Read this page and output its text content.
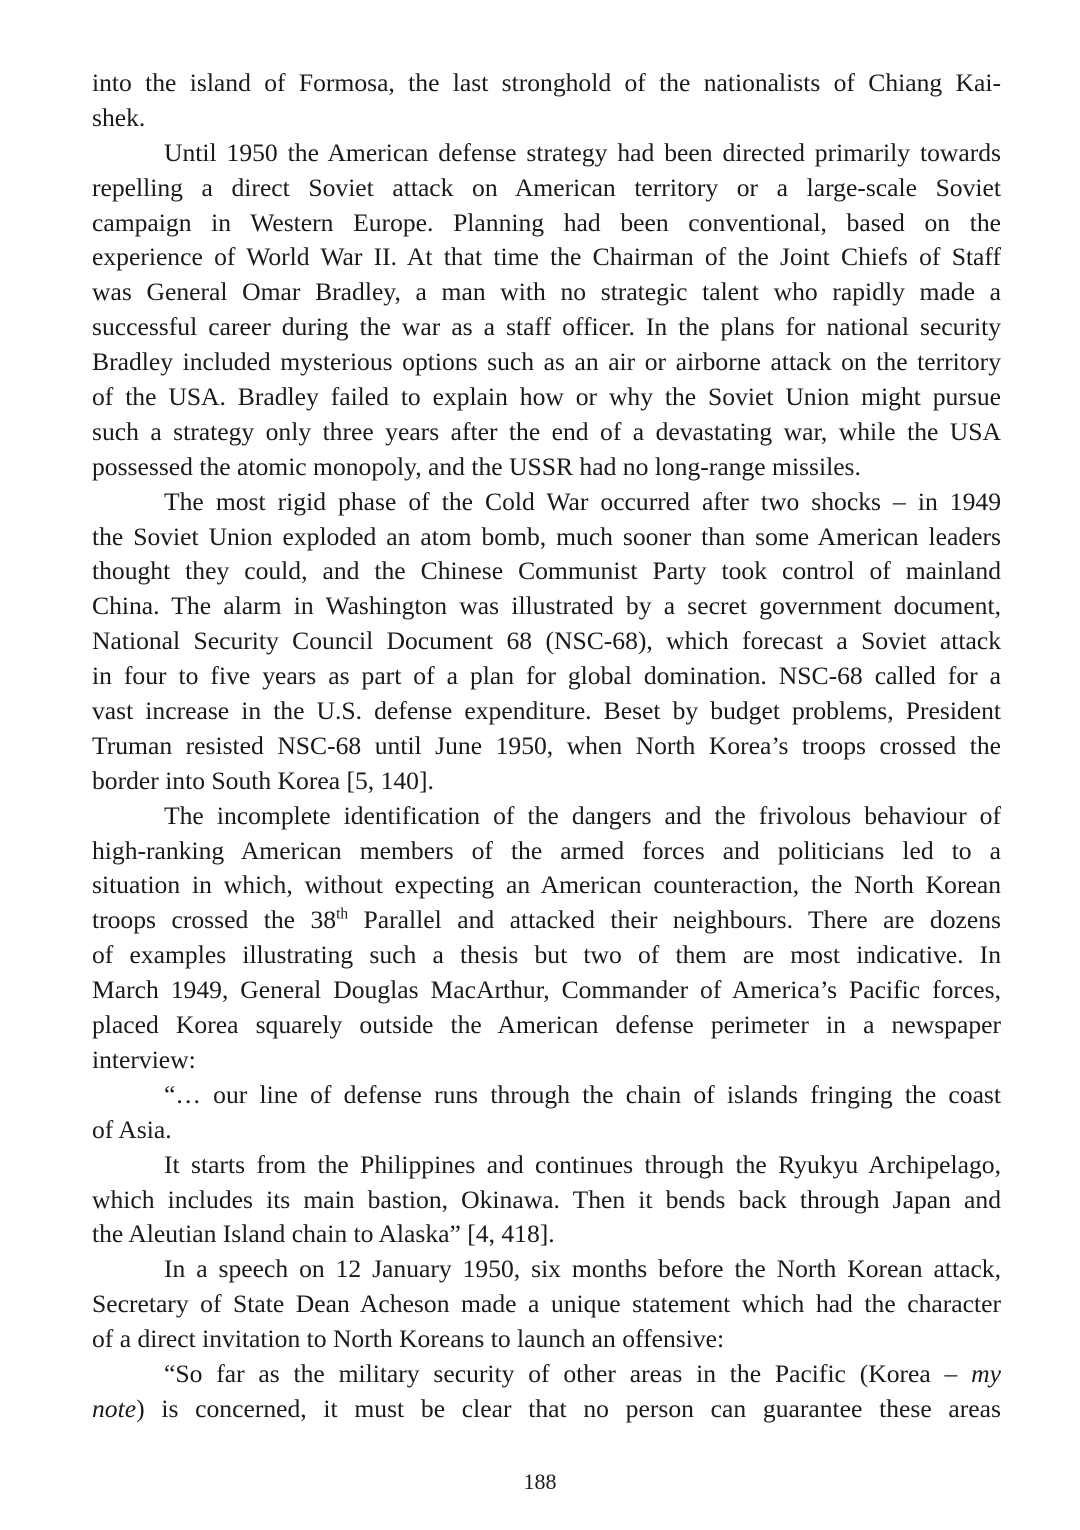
into the island of Formosa, the last stronghold of the nationalists of Chiang Kai-
shek.
Until 1950 the American defense strategy had been directed primarily towards
repelling a direct Soviet attack on American territory or a large-scale Soviet
campaign in Western Europe. Planning had been conventional, based on the
experience of World War II. At that time the Chairman of the Joint Chiefs of Staff
was General Omar Bradley, a man with no strategic talent who rapidly made a
successful career during the war as a staff officer. In the plans for national security
Bradley included mysterious options such as an air or airborne attack on the territory
of the USA. Bradley failed to explain how or why the Soviet Union might pursue
such a strategy only three years after the end of a devastating war, while the USA
possessed the atomic monopoly, and the USSR had no long-range missiles.
The most rigid phase of the Cold War occurred after two shocks – in 1949
the Soviet Union exploded an atom bomb, much sooner than some American leaders
thought they could, and the Chinese Communist Party took control of mainland
China. The alarm in Washington was illustrated by a secret government document,
National Security Council Document 68 (NSC-68), which forecast a Soviet attack
in four to five years as part of a plan for global domination. NSC-68 called for a
vast increase in the U.S. defense expenditure. Beset by budget problems, President
Truman resisted NSC-68 until June 1950, when North Korea’s troops crossed the
border into South Korea [5, 140].
The incomplete identification of the dangers and the frivolous behaviour of
high-ranking American members of the armed forces and politicians led to a
situation in which, without expecting an American counteraction, the North Korean
troops crossed the 38th Parallel and attacked their neighbours. There are dozens
of examples illustrating such a thesis but two of them are most indicative. In
March 1949, General Douglas MacArthur, Commander of America’s Pacific forces,
placed Korea squarely outside the American defense perimeter in a newspaper
interview:
“… our line of defense runs through the chain of islands fringing the coast
of Asia.
It starts from the Philippines and continues through the Ryukyu Archipelago,
which includes its main bastion, Okinawa. Then it bends back through Japan and
the Aleutian Island chain to Alaska” [4, 418].
In a speech on 12 January 1950, six months before the North Korean attack,
Secretary of State Dean Acheson made a unique statement which had the character
of a direct invitation to North Koreans to launch an offensive:
“So far as the military security of other areas in the Pacific (Korea – my
note) is concerned, it must be clear that no person can guarantee these areas
188
